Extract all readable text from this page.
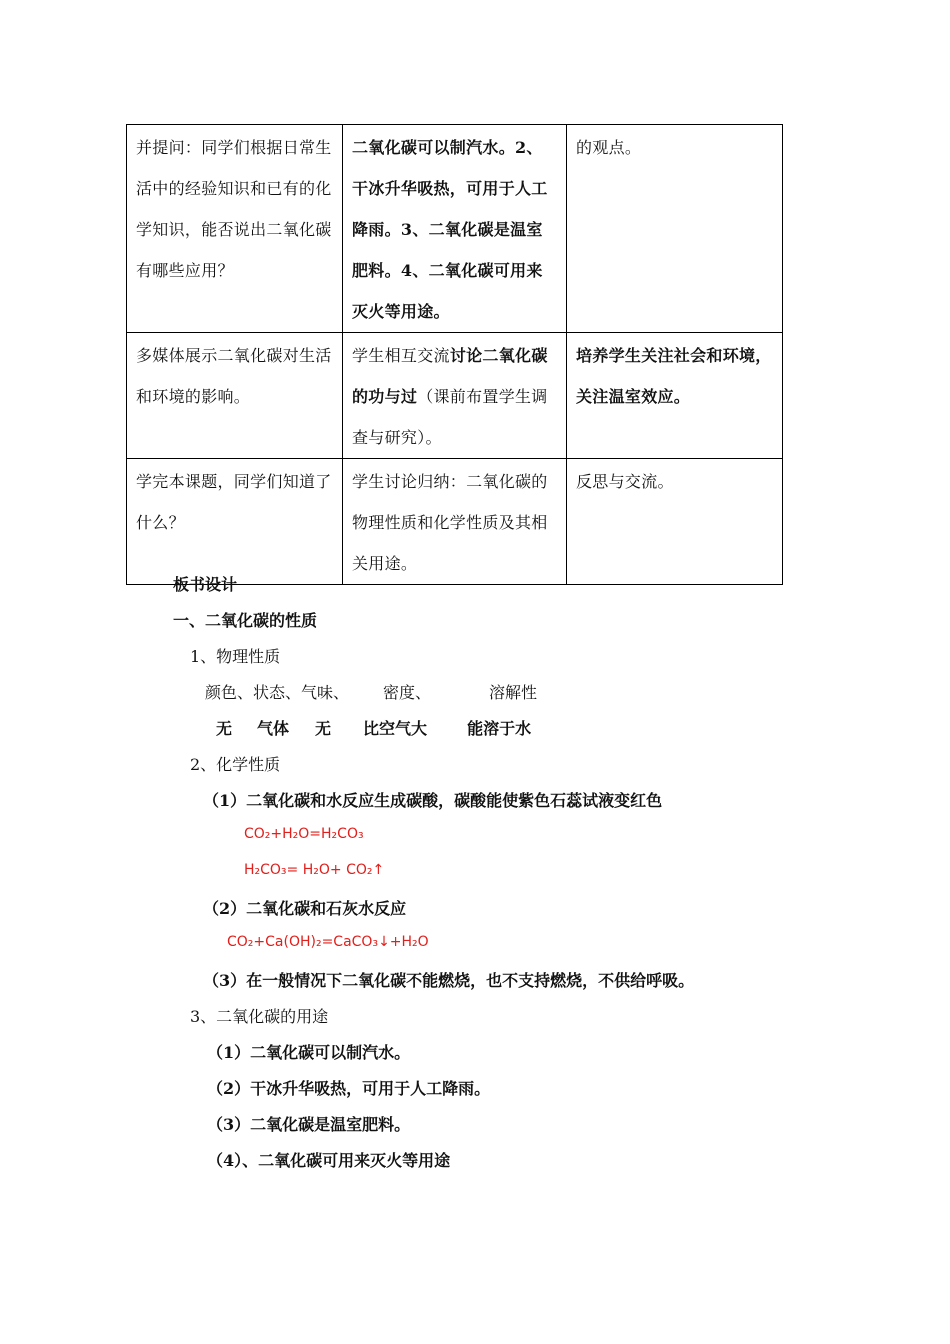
并提问：同学们根据日常生活中的经验知识和已有的化学知识，能否说出二氧化碳有哪些应用？	二氧化碳可以制汽水。2、干冰升华吸热，可用于人工降雨。3、二氧化碳是温室肥料。4、二氧化碳可用来灭火等用途。	的观点。
多媒体展示二氧化碳对生活和环境的影响。	学生相互交流讨论二氧化碳的功与过（课前布置学生调查与研究）。	培养学生关注社会和环境，关注温室效应。
学完本课题，同学们知道了什么？	学生讨论归纳：二氧化碳的物理性质和化学性质及其相关用途。	反思与交流。
板书设计
一、二氧化碳的性质
1、物理性质
颜色、状态、气味、 密度、	溶解性
无 气体 无 比空气大	能溶于水
2、化学性质
（1）二氧化碳和水反应生成碳酸，碳酸能使紫色石蕊试液变红色
CO₂+H₂O=H₂CO₃
H₂CO₃= H₂O+ CO₂↑
（2）二氧化碳和石灰水反应
CO₂+Ca(OH)₂=CaCO₃↓+H₂O
（3）在一般情况下二氧化碳不能燃烧，也不支持燃烧，不供给呼吸。
3、二氧化碳的用途
（1）二氧化碳可以制汽水。
（2）干冰升华吸热，可用于人工降雨。
（3）二氧化碳是温室肥料。
（4）、二氧化碳可用来灭火等用途
